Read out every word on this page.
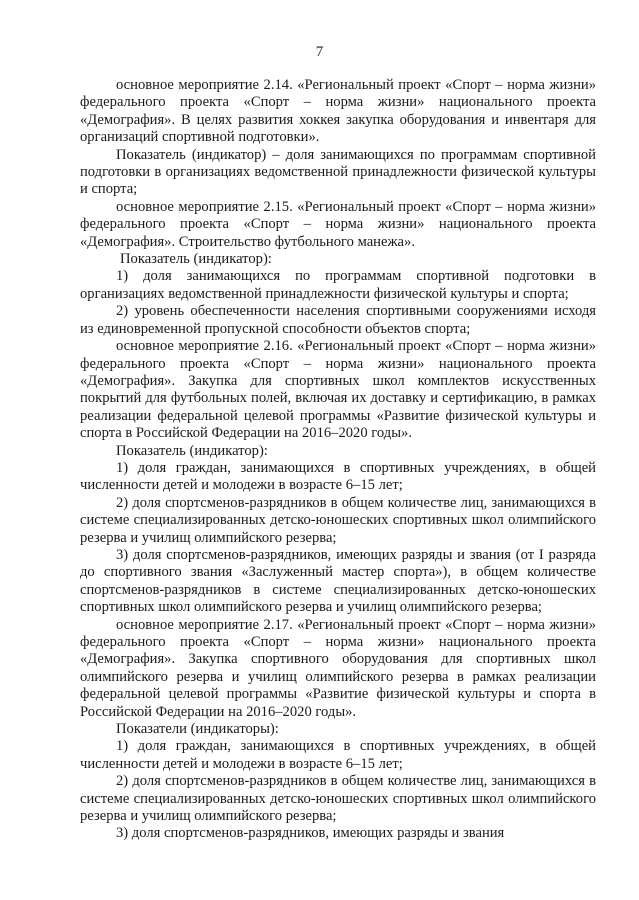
7

основное мероприятие 2.14. «Региональный проект «Спорт – норма жизни» федерального проекта «Спорт – норма жизни» национального проекта «Демография». В целях развития хоккея закупка оборудования и инвентаря для организаций спортивной подготовки».

Показатель (индикатор) – доля занимающихся по программам спортивной подготовки в организациях ведомственной принадлежности физической культуры и спорта;

основное мероприятие 2.15. «Региональный проект «Спорт – норма жизни» федерального проекта «Спорт – норма жизни» национального проекта «Демография». Строительство футбольного манежа».

Показатель (индикатор):

1) доля занимающихся по программам спортивной подготовки в организациях ведомственной принадлежности физической культуры и спорта;

2) уровень обеспеченности населения спортивными сооружениями исходя из единовременной пропускной способности объектов спорта;

основное мероприятие 2.16. «Региональный проект «Спорт – норма жизни» федерального проекта «Спорт – норма жизни» национального проекта «Демография». Закупка для спортивных школ комплектов искусственных покрытий для футбольных полей, включая их доставку и сертификацию, в рамках реализации федеральной целевой программы «Развитие физической культуры и спорта в Российской Федерации на 2016–2020 годы».

Показатель (индикатор):

1) доля граждан, занимающихся в спортивных учреждениях, в общей численности детей и молодежи в возрасте 6–15 лет;

2) доля спортсменов-разрядников в общем количестве лиц, занимающихся в системе специализированных детско-юношеских спортивных школ олимпийского резерва и училищ олимпийского резерва;

3) доля спортсменов-разрядников, имеющих разряды и звания (от I разряда до спортивного звания «Заслуженный мастер спорта»), в общем количестве спортсменов-разрядников в системе специализированных детско-юношеских спортивных школ олимпийского резерва и училищ олимпийского резерва;

основное мероприятие 2.17. «Региональный проект «Спорт – норма жизни» федерального проекта «Спорт – норма жизни» национального проекта «Демография». Закупка спортивного оборудования для спортивных школ олимпийского резерва и училищ олимпийского резерва в рамках реализации федеральной целевой программы «Развитие физической культуры и спорта в Российской Федерации на 2016–2020 годы».

Показатели (индикаторы):

1) доля граждан, занимающихся в спортивных учреждениях, в общей численности детей и молодежи в возрасте 6–15 лет;

2) доля спортсменов-разрядников в общем количестве лиц, занимающихся в системе специализированных детско-юношеских спортивных школ олимпийского резерва и училищ олимпийского резерва;

3) доля спортсменов-разрядников, имеющих разряды и звания
